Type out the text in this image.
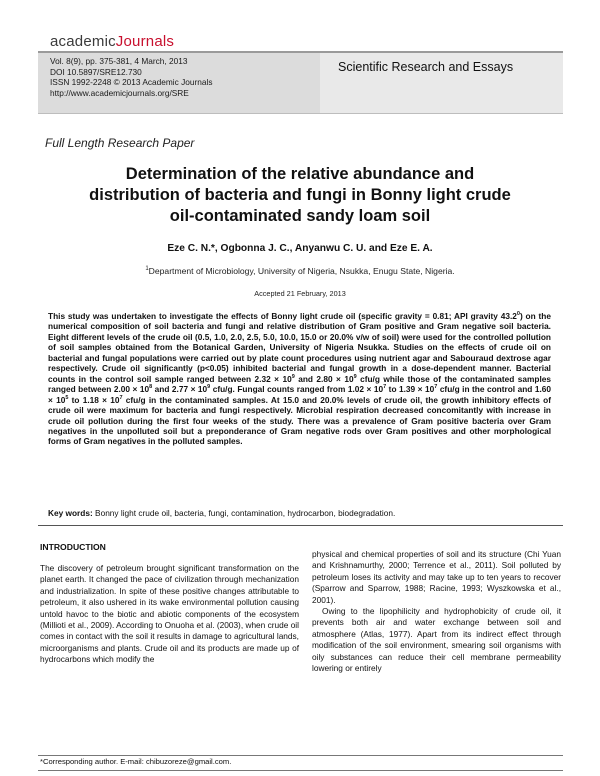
academicJournals
Vol. 8(9), pp. 375-381, 4 March, 2013
DOI 10.5897/SRE12.730
ISSN 1992-2248 © 2013 Academic Journals
http://www.academicjournals.org/SRE
Scientific Research and Essays
Full Length Research Paper
Determination of the relative abundance and
distribution of bacteria and fungi in Bonny light crude
oil-contaminated sandy loam soil
Eze C. N.*, Ogbonna J. C., Anyanwu C. U. and Eze E. A.
$^1$Department of Microbiology, University of Nigeria, Nsukka, Enugu State, Nigeria.
Accepted 21 February, 2013
This study was undertaken to investigate the effects of Bonny light crude oil (specific gravity = 0.81; API gravity 43.2$^0$) on the numerical composition of soil bacteria and fungi and relative distribution of Gram positive and Gram negative soil bacteria. Eight different levels of the crude oil (0.5, 1.0, 2.0, 2.5, 5.0, 10.0, 15.0 or 20.0% v/w of soil) were used for the controlled pollution of soil samples obtained from the Botanical Garden, University of Nigeria Nsukka. Studies on the effects of crude oil on bacterial and fungal populations were carried out by plate count procedures using nutrient agar and Sabouraud dextrose agar respectively. Crude oil significantly (p<0.05) inhibited bacterial and fungal growth in a dose-dependent manner. Bacterial counts in the control soil sample ranged between $2.32 \times 10^9$ and $2.80 \times 10^9$ cfu/g while those of the contaminated samples ranged between $2.00 \times 10^8$ and $2.77 \times 10^9$ cfu/g. Fungal counts ranged from $1.02 \times 10^7$ to $1.39 \times 10^7$ cfu/g in the control and $1.60 \times 10^5$ to $1.18 \times 10^7$ cfu/g in the contaminated samples. At 15.0 and 20.0% levels of crude oil, the growth inhibitory effects of crude oil were maximum for bacteria and fungi respectively. Microbial respiration decreased concomitantly with increase in crude oil pollution during the first four weeks of the study. There was a prevalence of Gram positive bacteria over Gram negatives in the unpolluted soil but a preponderance of Gram negative rods over Gram positives and other morphological forms of Gram negatives in the polluted samples.
Key words: Bonny light crude oil, bacteria, fungi, contamination, hydrocarbon, biodegradation.
INTRODUCTION

The discovery of petroleum brought significant transformation on the planet earth. It changed the pace of civilization through mechanization and industrialization. In spite of these positive changes attributable to petroleum, it also ushered in its wake environmental pollution causing untold havoc to the biotic and abiotic components of the ecosystem (Millioti et al., 2009). According to Onuoha et al. (2003), when crude oil comes in contact with the soil it results in damage to agricultural lands, microorganisms and plants. Crude oil and its products are made up of hydrocarbons which modify the

physical and chemical properties of soil and its structure (Chi Yuan and Krishnamurthy, 2000; Terrence et al., 2011). Soil polluted by petroleum loses its activity and may take up to ten years to recover (Sparrow and Sparrow, 1988; Racine, 1993; Wyszkowska et al., 2001).

Owing to the lipophilicity and hydrophobicity of crude oil, it prevents both air and water exchange between soil and atmosphere (Atlas, 1977). Apart from its indirect effect through modification of the soil environment, smearing soil organisms with oily substances can reduce their cell membrane permeability lowering or entirely

*Corresponding author. E-mail: chibuzoreze@gmail.com.
